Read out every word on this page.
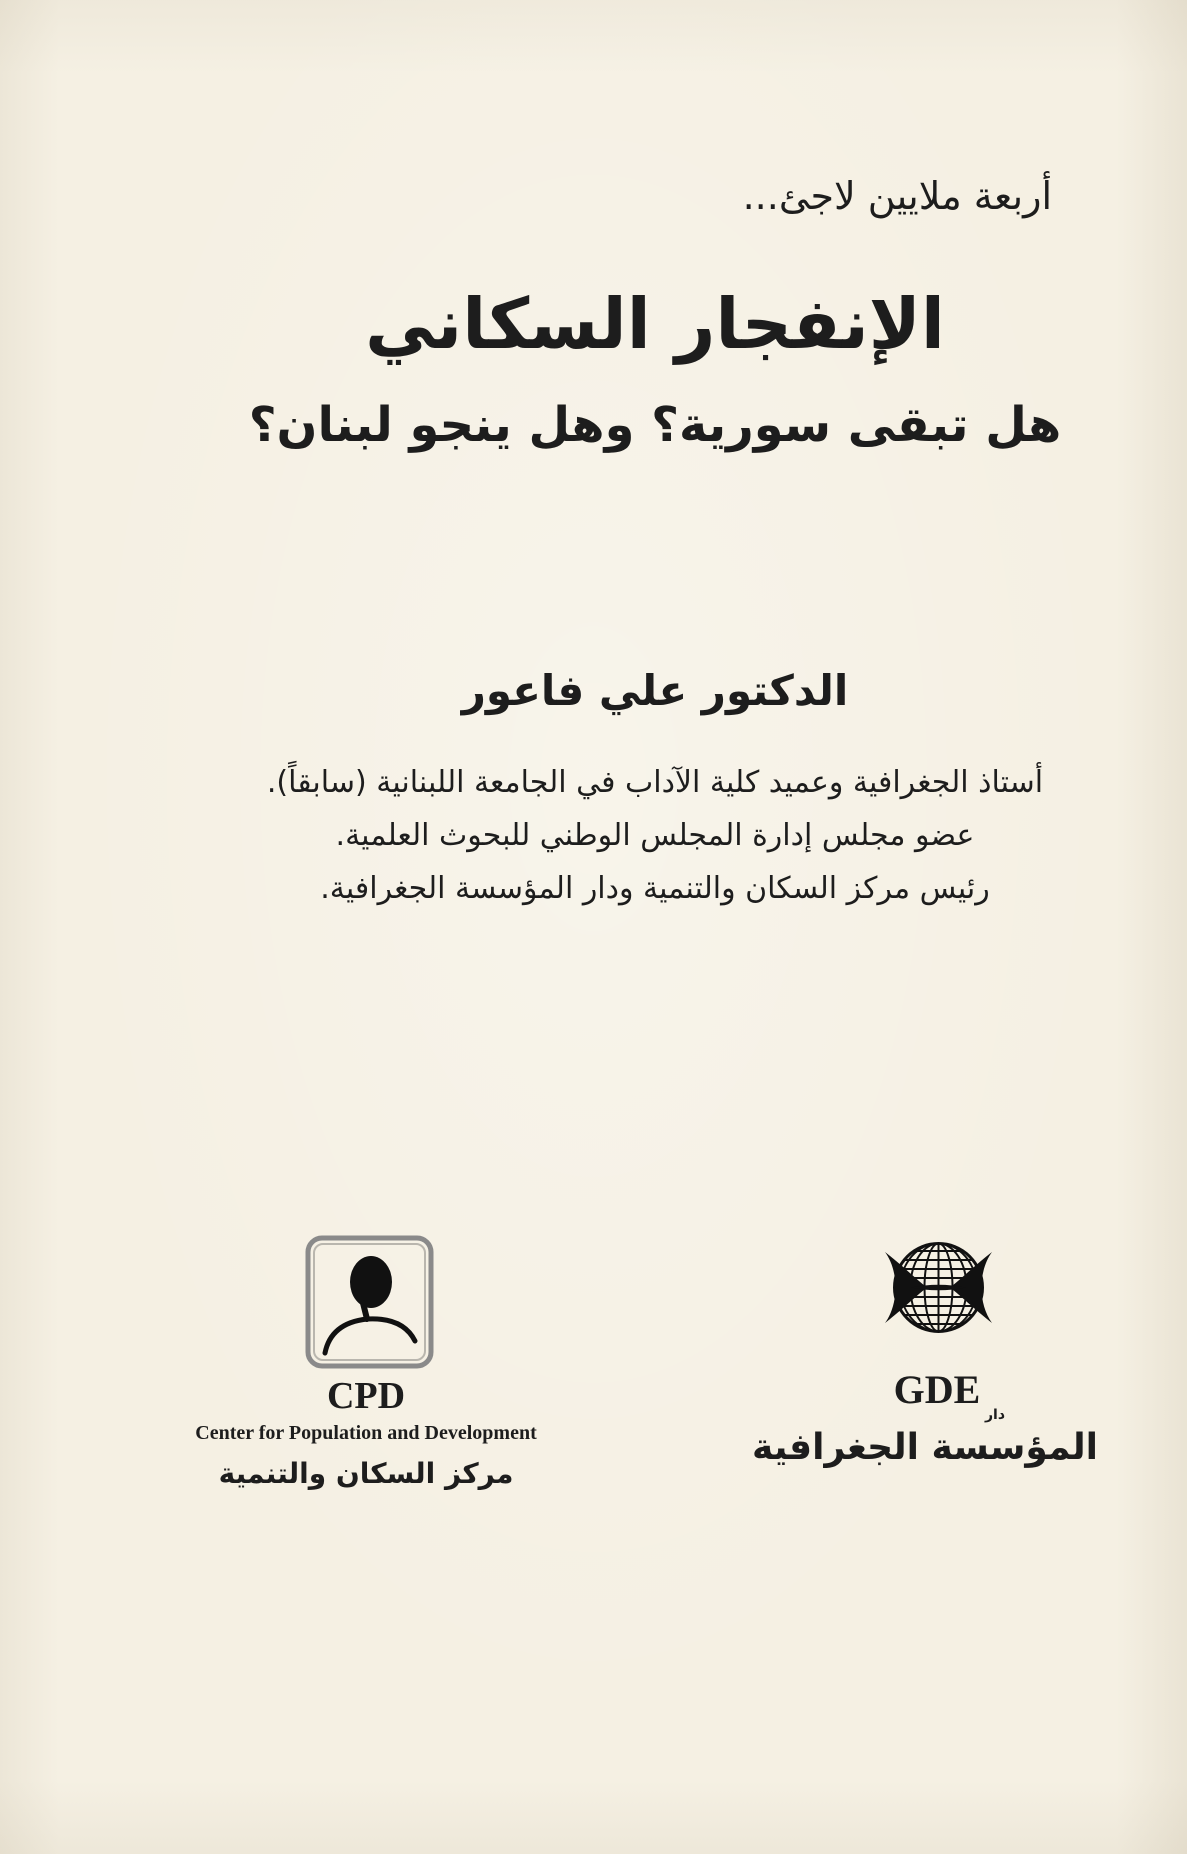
أربعة ملايين لاجئ...
الإنفجار السكاني
هل تبقى سورية؟ وهل ينجو لبنان؟
الدكتور علي فاعور
أستاذ الجغرافية وعميد كلية الآداب في الجامعة اللبنانية (سابقاً).
عضو مجلس إدارة المجلس الوطني للبحوث العلمية.
رئيس مركز السكان والتنمية ودار المؤسسة الجغرافية.
CPD
Center for Population and Development
مركز السكان والتنمية
GDE
دار
المؤسسة الجغرافية
